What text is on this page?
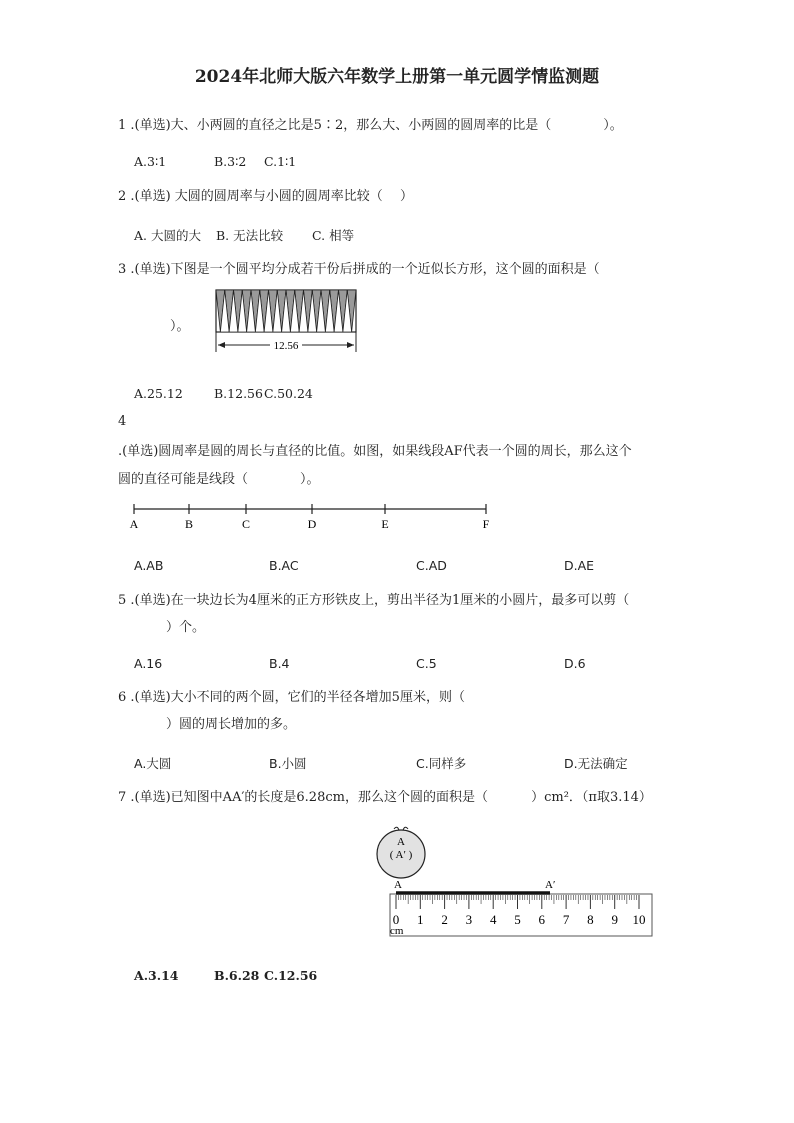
2024年北师大版六年数学上册第一单元圆学情监测题
1 .(单选)大、小两圆的直径之比是5∶2，那么大、小两圆的圆周率的比是（　　　　）。
A.3∶1	B.3∶2 C.1∶1
2 .(单选) 大圆的圆周率与小圆的圆周率比较（　 ）
A. 大圆的大 B. 无法比较 C. 相等
3 .(单选)下图是一个圆平均分成若干份后拼成的一个近似长方形，这个圆的面积是（
）。
12.56
A.25.12 B.12.56 C.50.24
4
.(单选)圆周率是圆的周长与直径的比值。如图，如果线段AF代表一个圆的周长，那么这个
圆的直径可能是线段（　　　　）。
A	B	C	D	E	F
A.AB	B.AC	C.AD	D.AE
5 .(单选)在一块边长为4厘米的正方形铁皮上，剪出半径为1厘米的小圆片，最多可以剪（
）个。
A.16	B.4	C.5	D.6
6 .(单选)大小不同的两个圆，它们的半径各增加5厘米，则（
）圆的周长增加的多。
A.大圆	B.小圆	C.同样多	D.无法确定
7 .(单选)已知图中AA′的长度是6.28cm，那么这个圆的面积是（　　　 ）cm²．（π取3.14）
A
( A′ )
A	A′
0 1 2 3 4 5 6 7 8 9 10
cm
A.3.14	B.6.28 C.12.56
